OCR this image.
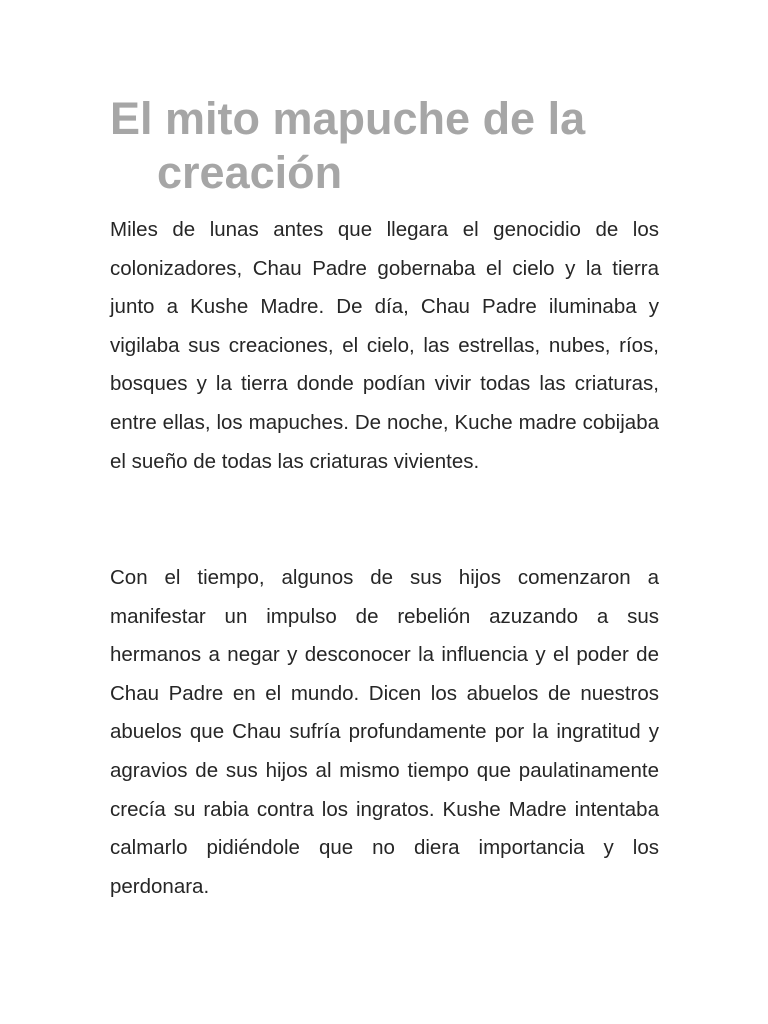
El mito mapuche de la
creación

Miles de lunas antes que llegara el genocidio de los colonizadores, Chau Padre gobernaba el cielo y la tierra junto a Kushe Madre. De día, Chau Padre iluminaba y vigilaba sus creaciones, el cielo, las estrellas, nubes, ríos, bosques y la tierra donde podían vivir todas las criaturas, entre ellas, los mapuches. De noche, Kuche madre cobijaba el sueño de todas las criaturas vivientes.

Con el tiempo, algunos de sus hijos comenzaron a manifestar un impulso de rebelión azuzando a sus hermanos a negar y desconocer la influencia y el poder de Chau Padre en el mundo. Dicen los abuelos de nuestros abuelos que Chau sufría profundamente por la ingratitud y agravios de sus hijos al mismo tiempo que paulatinamente crecía su rabia contra los ingratos. Kushe Madre intentaba calmarlo pidiéndole que no diera importancia y los perdonara.
